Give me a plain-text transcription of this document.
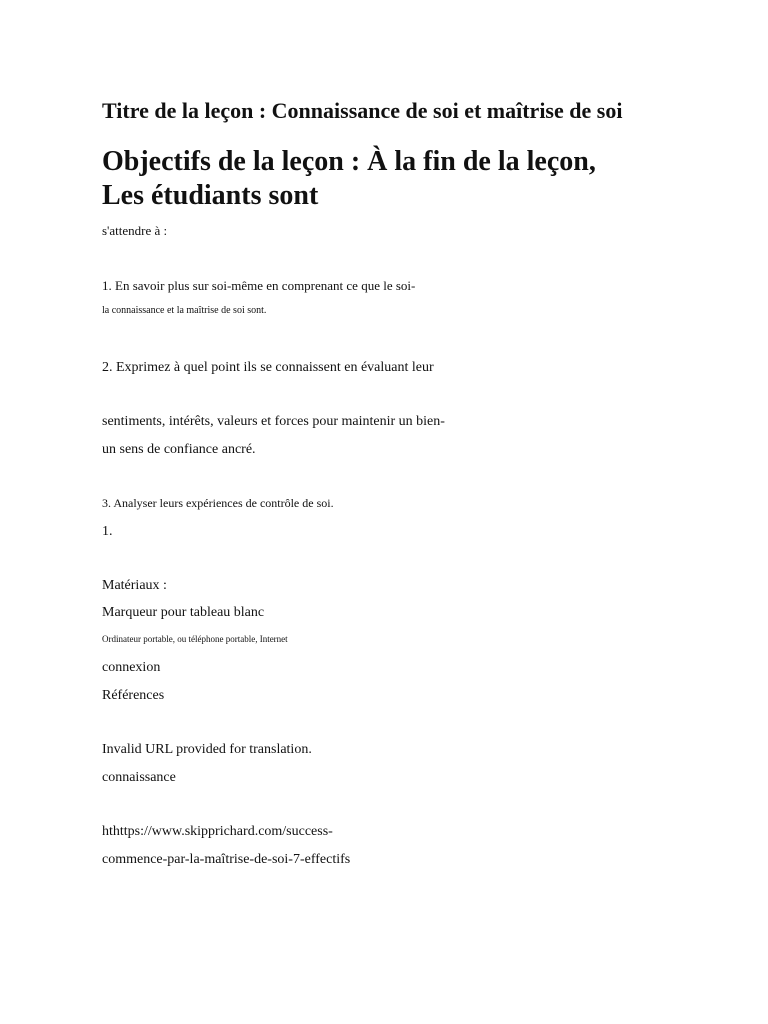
Titre de la leçon : Connaissance de soi et maîtrise de soi
Objectifs de la leçon : À la fin de la leçon,
Les étudiants sont
s'attendre à :
1. En savoir plus sur soi-même en comprenant ce que le soi-
la connaissance et la maîtrise de soi sont.
2. Exprimez à quel point ils se connaissent en évaluant leur
sentiments, intérêts, valeurs et forces pour maintenir un bien-
un sens de confiance ancré.
3. Analyser leurs expériences de contrôle de soi.
1.
Matériaux :
Marqueur pour tableau blanc
Ordinateur portable, ou téléphone portable, Internet
connexion
Références
Invalid URL provided for translation.
connaissance
hthttps://www.skipprichard.com/success-
commence-par-la-maîtrise-de-soi-7-effectifs
